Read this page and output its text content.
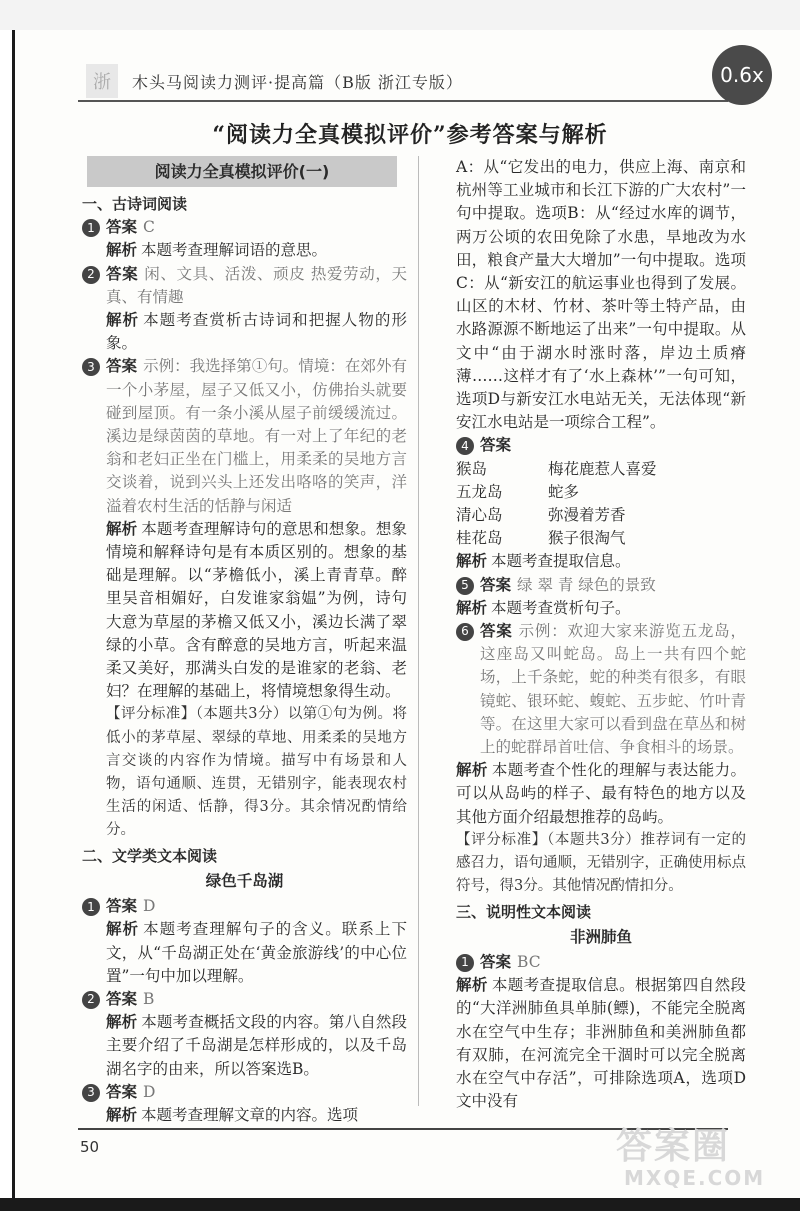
浙	木头马阅读力测评·提高篇（B版 浙江专版）	0.6x
“阅读力全真模拟评价”参考答案与解析
阅读力全真模拟评价(一)
一、古诗词阅读
1 答案 C
解析 本题考查理解词语的意思。
2 答案 闲、文具、活泼、顽皮 热爱劳动，天真、有情趣
解析 本题考查赏析古诗词和把握人物的形象。
3 答案 示例：我选择第①句。情境：在郊外有一个小茅屋，屋子又低又小，仿佛抬头就要碰到屋顶。有一条小溪从屋子前缓缓流过。溪边是绿茵茵的草地。有一对上了年纪的老翁和老妇正坐在门槛上，用柔柔的吴地方言交谈着，说到兴头上还发出咯咯的笑声，洋溢着农村生活的恬静与闲适
解析 本题考查理解诗句的意思和想象。想象情境和解释诗句是有本质区别的。想象的基础是理解。以“茅檐低小，溪上青青草。醉里吴音相媚好，白发谁家翁媪”为例，诗句大意为草屋的茅檐又低又小，溪边长满了翠绿的小草。含有醉意的吴地方言，听起来温柔又美好，那满头白发的是谁家的老翁、老妇？在理解的基础上，将情境想象得生动。
【评分标准】（本题共3分）以第①句为例。将低小的茅草屋、翠绿的草地、用柔柔的吴地方言交谈的内容作为情境。描写中有场景和人物，语句通顺、连贯，无错别字，能表现农村生活的闲适、恬静，得3分。其余情况酌情给分。
二、文学类文本阅读
绿色千岛湖
1 答案 D
解析 本题考查理解句子的含义。联系上下文，从“千岛湖正处在‘黄金旅游线’的中心位置”一句中加以理解。
2 答案 B
解析 本题考查概括文段的内容。第八自然段主要介绍了千岛湖是怎样形成的，以及千岛湖名字的由来，所以答案选B。
3 答案 D
解析 本题考查理解文章的内容。选项
A：从“它发出的电力，供应上海、南京和杭州等工业城市和长江下游的广大农村”一句中提取。选项B：从“经过水库的调节，两万公顷的农田免除了水患，旱地改为水田，粮食产量大大增加”一句中提取。选项C：从“新安江的航运事业也得到了发展。山区的木材、竹材、茶叶等土特产品，由水路源源不断地运了出来”一句中提取。从文中“由于湖水时涨时落，岸边土质瘠薄……这样才有了‘水上森林’”一句可知，选项D与新安江水电站无关，无法体现“新安江水电站是一项综合工程”。
4 答案
猴岛	梅花鹿惹人喜爱
五龙岛	蛇多
清心岛	弥漫着芳香
桂花岛	猴子很淘气
解析 本题考查提取信息。
5 答案 绿 翠 青 绿色的景致
解析 本题考查赏析句子。
6 答案 示例：欢迎大家来游览五龙岛，这座岛又叫蛇岛。岛上一共有四个蛇场，上千条蛇，蛇的种类有很多，有眼镜蛇、银环蛇、蝮蛇、五步蛇、竹叶青等。在这里大家可以看到盘在草丛和树上的蛇群昂首吐信、争食相斗的场景。
解析 本题考查个性化的理解与表达能力。可以从岛屿的样子、最有特色的地方以及其他方面介绍最想推荐的岛屿。
【评分标准】（本题共3分）推荐词有一定的感召力，语句通顺，无错别字，正确使用标点符号，得3分。其他情况酌情扣分。
三、说明性文本阅读
非洲肺鱼
1 答案 BC
解析 本题考查提取信息。根据第四自然段的“大洋洲肺鱼具单肺(鳔)，不能完全脱离水在空气中生存；非洲肺鱼和美洲肺鱼都有双肺，在河流完全干涸时可以完全脱离水在空气中存活”，可排除选项A，选项D文中没有
50	答案圈
MXQE.COM
